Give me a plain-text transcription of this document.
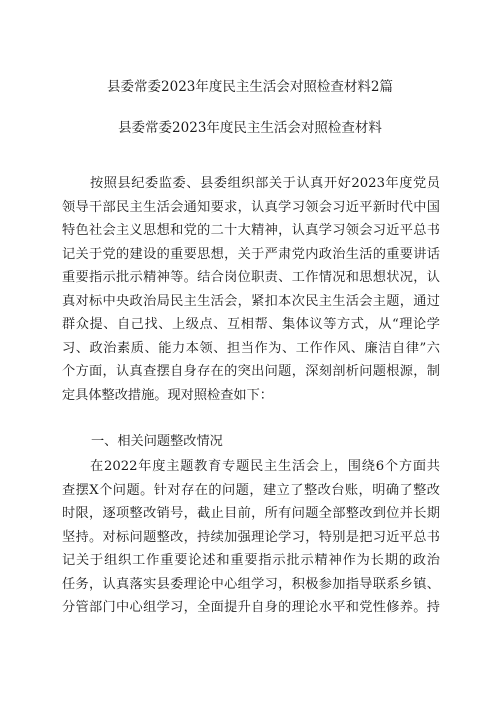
县委常委2023年度民主生活会对照检查材料2篇
县委常委2023年度民主生活会对照检查材料
按照县纪委监委、县委组织部关于认真开好2023年度党员
领导干部民主生活会通知要求，认真学习领会习近平新时代中国
特色社会主义思想和党的二十大精神，认真学习领会习近平总书
记关于党的建设的重要思想，关于严肃党内政治生活的重要讲话
重要指示批示精神等。结合岗位职责、工作情况和思想状况，认
真对标中央政治局民主生活会，紧扣本次民主生活会主题，通过
群众提、自己找、上级点、互相帮、集体议等方式，从“理论学
习、政治素质、能力本领、担当作为、工作作风、廉洁自律”六
个方面，认真查摆自身存在的突出问题，深刻剖析问题根源，制
定具体整改措施。现对照检查如下：
一、相关问题整改情况
在2022年度主题教育专题民主生活会上，围绕6个方面共
查摆X个问题。针对存在的问题，建立了整改台账，明确了整改
时限，逐项整改销号，截止目前，所有问题全部整改到位并长期
坚持。对标问题整改，持续加强理论学习，特别是把习近平总书
记关于组织工作重要论述和重要指示批示精神作为长期的政治
任务，认真落实县委理论中心组学习，积极参加指导联系乡镇、
分管部门中心组学习，全面提升自身的理论水平和党性修养。持
